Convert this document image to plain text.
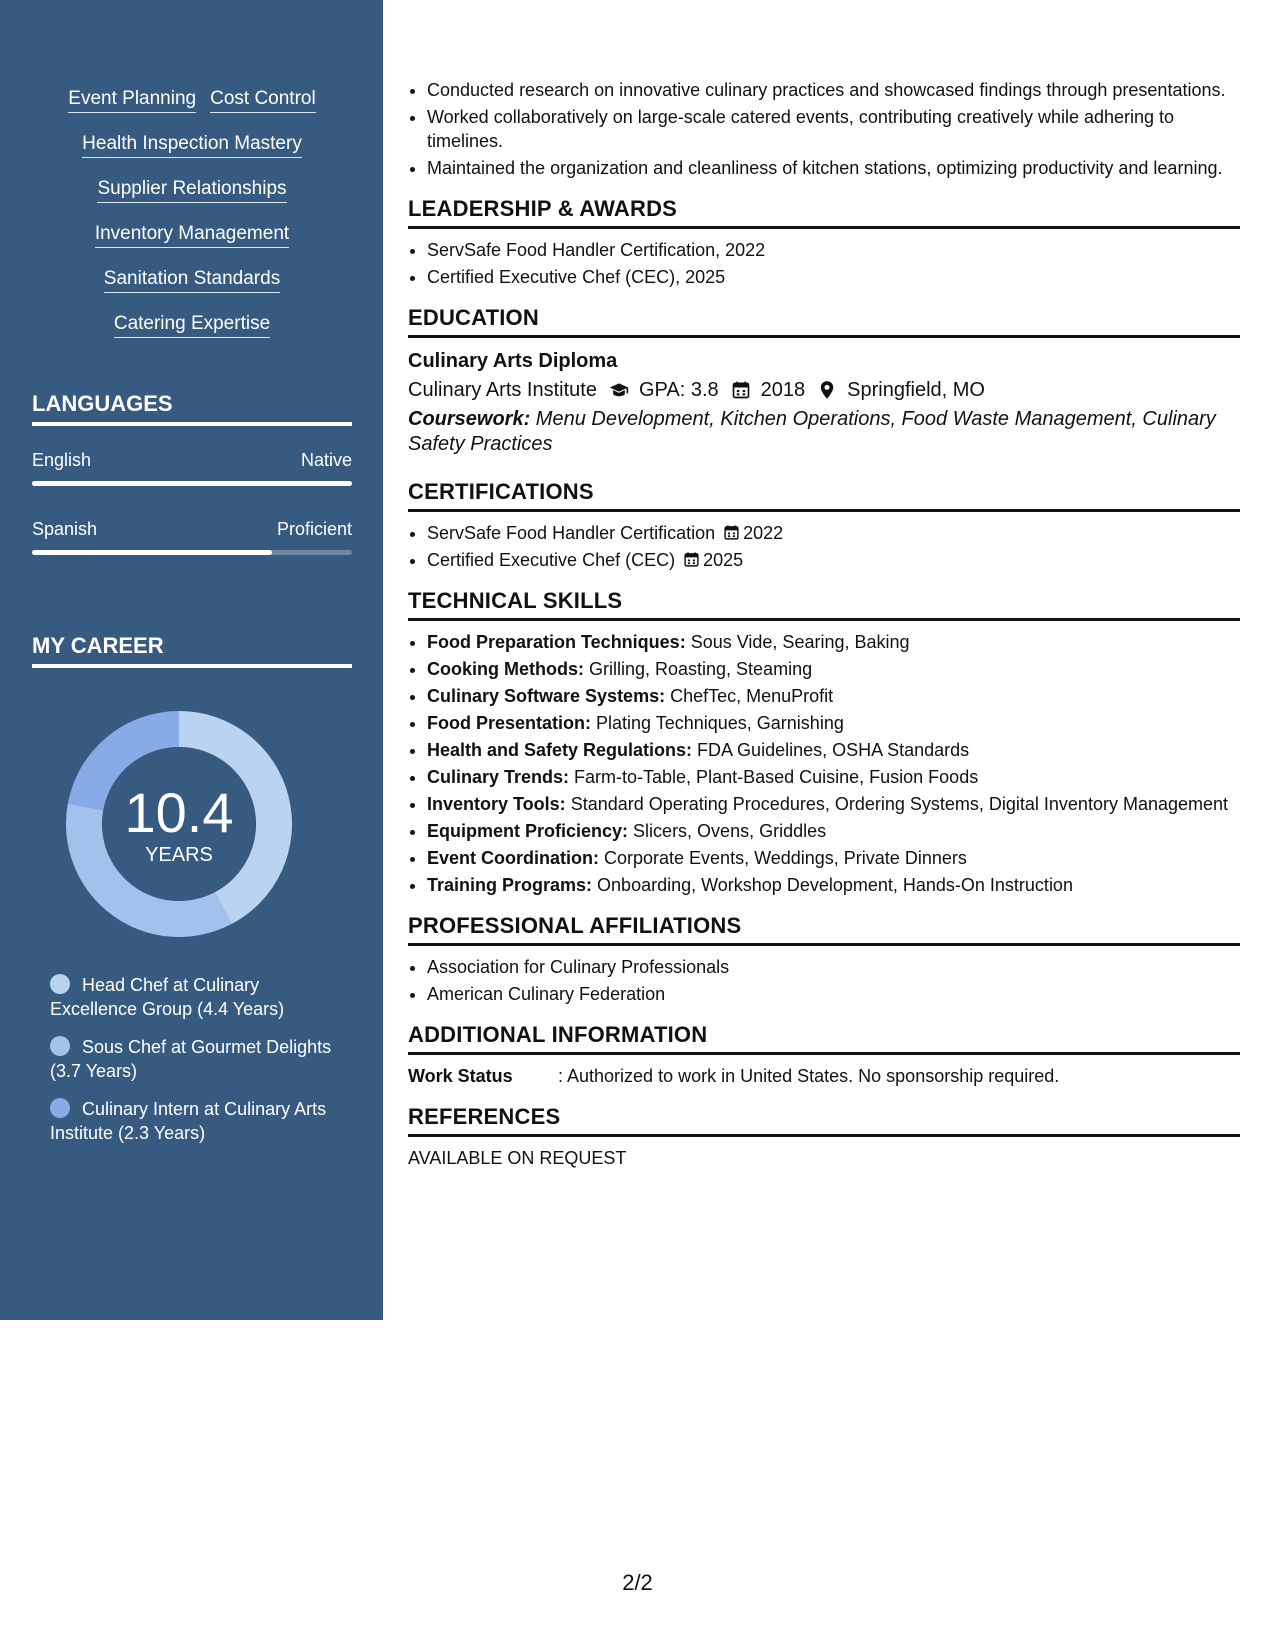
Event Planning Cost Control
Health Inspection Mastery
Supplier Relationships
Inventory Management
Sanitation Standards
Catering Expertise
LANGUAGES
English	Native
Spanish	Proficient
MY CAREER
10.4
YEARS
Head Chef at Culinary Excellence Group (4.4 Years)
Sous Chef at Gourmet Delights (3.7 Years)
Culinary Intern at Culinary Arts Institute (2.3 Years)
• Conducted research on innovative culinary practices and showcased findings through presentations.
• Worked collaboratively on large-scale catered events, contributing creatively while adhering to timelines.
• Maintained the organization and cleanliness of kitchen stations, optimizing productivity and learning.
LEADERSHIP & AWARDS
• ServSafe Food Handler Certification, 2022
• Certified Executive Chef (CEC), 2025
EDUCATION
Culinary Arts Diploma
Culinary Arts Institute GPA: 3.8 2018 Springfield, MO
Coursework: Menu Development, Kitchen Operations, Food Waste Management, Culinary Safety Practices
CERTIFICATIONS
• ServSafe Food Handler Certification 2022
• Certified Executive Chef (CEC) 2025
TECHNICAL SKILLS
• Food Preparation Techniques: Sous Vide, Searing, Baking
• Cooking Methods: Grilling, Roasting, Steaming
• Culinary Software Systems: ChefTec, MenuProfit
• Food Presentation: Plating Techniques, Garnishing
• Health and Safety Regulations: FDA Guidelines, OSHA Standards
• Culinary Trends: Farm-to-Table, Plant-Based Cuisine, Fusion Foods
• Inventory Tools: Standard Operating Procedures, Ordering Systems, Digital Inventory Management
• Equipment Proficiency: Slicers, Ovens, Griddles
• Event Coordination: Corporate Events, Weddings, Private Dinners
• Training Programs: Onboarding, Workshop Development, Hands-On Instruction
PROFESSIONAL AFFILIATIONS
• Association for Culinary Professionals
• American Culinary Federation
ADDITIONAL INFORMATION
Work Status	: Authorized to work in United States. No sponsorship required.
REFERENCES
AVAILABLE ON REQUEST
2/2
